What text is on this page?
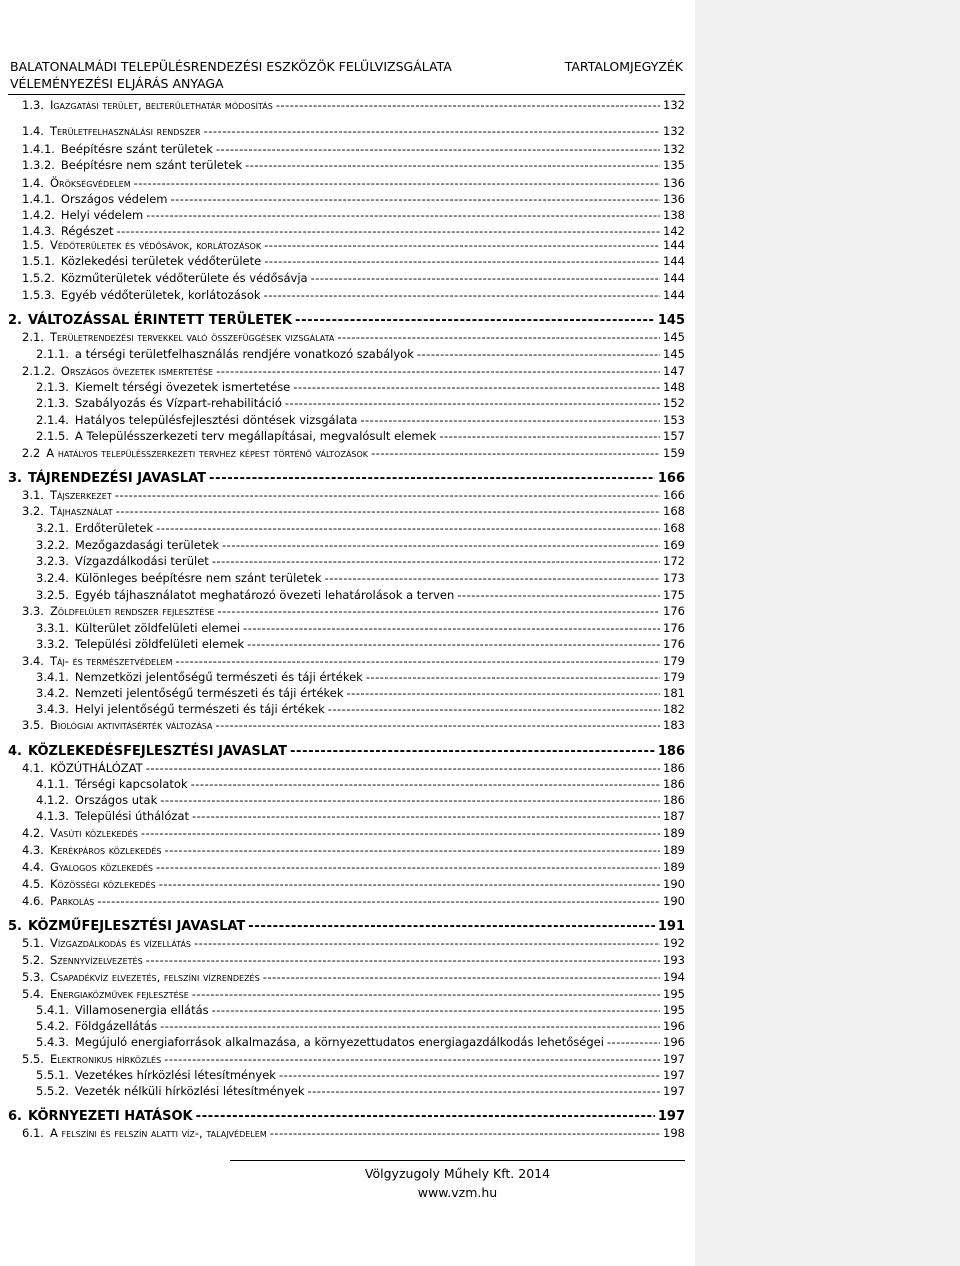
BALATONALMÁDI TELEPÜLÉSRENDEZÉSI ESZKÖZÖK FELÜLVIZSGÁLATA
VÉLEMÉNYEZÉSI ELJÁRÁS ANYAGA
TARTALOMJEGYZÉK
1.3. Igazgatási terület, belterülethatár módosítás -----	132
1.4. Területfelhasználási rendszer -----	132
1.4.1. Beépítésre szánt területek -----	132
1.3.2. Beépítésre nem szánt területek -----	135
1.4. Örökségvédelem -----	136
1.4.1. Országos védelem -----	136
1.4.2. Helyi védelem -----	138
1.4.3. Régészet -----	142
1.5. Védőterületek és védősávok, korlátozások -----	144
1.5.1. Közlekedési területek védőterülete -----	144
1.5.2. Közműterületek védőterülete és védősávja -----	144
1.5.3. Egyéb védőterületek, korlátozások -----	144
2. VÁLTOZÁSSAL ÉRINTETT TERÜLETEK -----	145
2.1. Területrendezési tervekkel való összefüggések vizsgálata -----	145
2.1.1. a térségi területfelhasználás rendjére vonatkozó szabályok -----	145
2.1.2. Országos övezetek ismertetése -----	147
2.1.3. Kiemelt térségi övezetek ismertetése -----	148
2.1.3. Szabályozás és Vízpart-rehabilitáció -----	152
2.1.4. Hatályos településfejlesztési döntések vizsgálata -----	153
2.1.5. A Településszerkezeti terv megállapításai, megvalósult elemek -----	157
2.2 A hatályos településszerkezeti tervhez képest történő változások -----	159
3. TÁJRENDEZÉSI JAVASLAT -----	166
3.1. Tájszerkezet -----	166
3.2. Tájhasználat -----	168
3.2.1. Erdőterületek -----	168
3.2.2. Mezőgazdasági területek -----	169
3.2.3. Vízgazdálkodási terület -----	172
3.2.4. Különleges beépítésre nem szánt területek -----	173
3.2.5. Egyéb tájhasználatot meghatározó övezeti lehatárolások a terven -----	175
3.3. Zöldfelületi rendszer fejlesztése -----	176
3.3.1. Külterület zöldfelületi elemei -----	176
3.3.2. Települési zöldfelületi elemek -----	176
3.4. Táj- és természetvédelem -----	179
3.4.1. Nemzetközi jelentőségű természeti és táji értékek -----	179
3.4.2. Nemzeti jelentőségű természeti és táji értékek -----	181
3.4.3. Helyi jelentőségű természeti és táji értékek -----	182
3.5. Biológiai aktivitásérték változása -----	183
4. KÖZLEKEDÉSFEJLESZTÉSI JAVASLAT -----	186
4.1. KÖZÚTHÁLÓZAT -----	186
4.1.1. Térségi kapcsolatok -----	186
4.1.2. Országos utak -----	186
4.1.3. Települési úthálózat -----	187
4.2. Vasúti közlekedés -----	189
4.3. Kerékpáros közlekedés -----	189
4.4. Gyalogos közlekedés -----	189
4.5. Közösségi közlekedés -----	190
4.6. Parkolás -----	190
5. KÖZMŰFEJLESZTÉSI JAVASLAT -----	191
5.1. Vízgazdálkodás és vízellátás -----	192
5.2. Szennyvízelvezetés -----	193
5.3. Csapadékvíz elvezetés, felszíni vízrendezés -----	194
5.4. Energiaközművek fejlesztése -----	195
5.4.1. Villamosenergia ellátás -----	195
5.4.2. Földgázellátás -----	196
5.4.3. Megújuló energiaforrások alkalmazása, a környezettudatos energiagazdálkodás lehetőségei -----	196
5.5. Elektronikus hírközlés -----	197
5.5.1. Vezetékes hírközlési létesítmények -----	197
5.5.2. Vezeték nélküli hírközlési létesítmények -----	197
6. KÖRNYEZETI HATÁSOK -----	197
6.1. A felszíni és felszín alatti víz-, talajvédelem -----	198
Völgyzugoly Műhely Kft. 2014
www.vzm.hu
